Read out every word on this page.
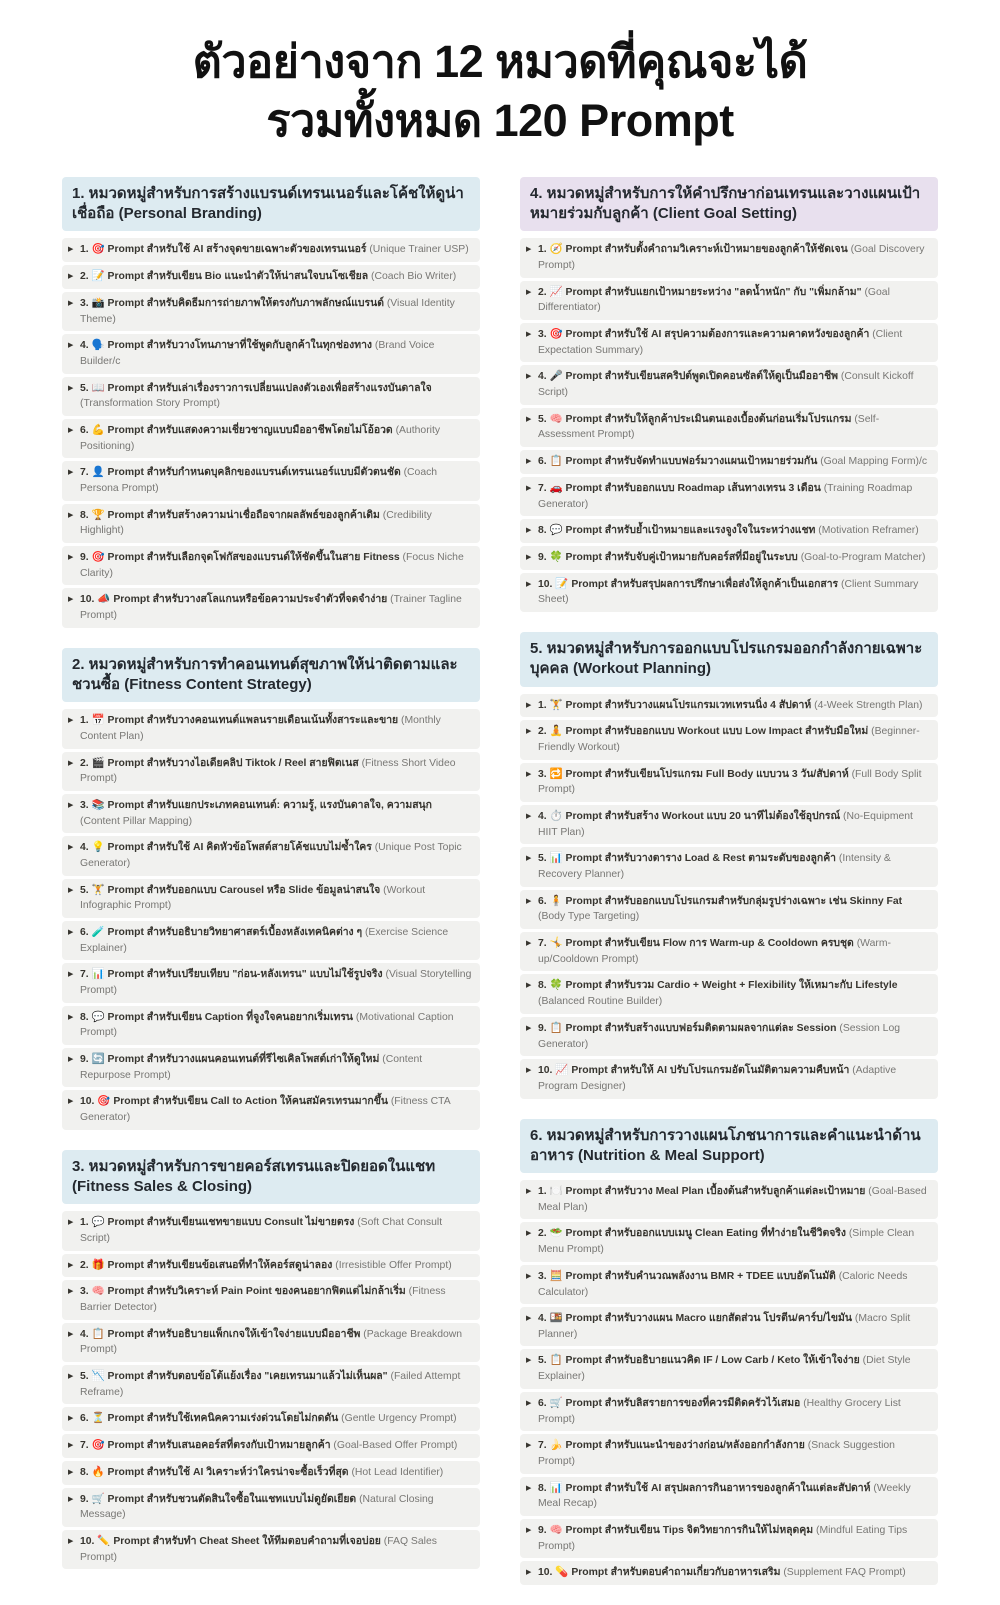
ตัวอย่างจาก 12 หมวดที่คุณจะได้
รวมทั้งหมด 120 Prompt
1. หมวดหมู่สำหรับการสร้างแบรนด์เทรนเนอร์และโค้ชให้ดูน่าเชื่อถือ (Personal Branding)
▶ 1. 🎯 Prompt สำหรับใช้ AI สร้างจุดขายเฉพาะตัวของเทรนเนอร์ (Unique Trainer USP)
▶ 2. 📝 Prompt สำหรับเขียน Bio แนะนำตัวให้น่าสนใจบนโซเชียล (Coach Bio Writer)
▶ 3. 📸 Prompt สำหรับคิดธีมการถ่ายภาพให้ตรงกับภาพลักษณ์แบรนด์ (Visual Identity Theme)
▶ 4. 🗣️ Prompt สำหรับวางโทนภาษาที่ใช้พูดกับลูกค้าในทุกช่องทาง (Brand Voice Builder/c
▶ 5. 📖 Prompt สำหรับเล่าเรื่องราวการเปลี่ยนแปลงตัวเองเพื่อสร้างแรงบันดาลใจ (Transformation Story Prompt)
▶ 6. 💪 Prompt สำหรับแสดงความเชี่ยวชาญแบบมืออาชีพโดยไม่โอ้อวด (Authority Positioning)
▶ 7. 👤 Prompt สำหรับกำหนดบุคลิกของแบรนด์เทรนเนอร์แบบมีตัวตนชัด (Coach Persona Prompt)
▶ 8. 🏆 Prompt สำหรับสร้างความน่าเชื่อถือจากผลลัพธ์ของลูกค้าเดิม (Credibility Highlight)
▶ 9. 🎯 Prompt สำหรับเลือกจุดโฟกัสของแบรนด์ให้ชัดขึ้นในสาย Fitness (Focus Niche Clarity)
▶ 10. 📣 Prompt สำหรับวางสโลแกนหรือข้อความประจำตัวที่จดจำง่าย (Trainer Tagline Prompt)
2. หมวดหมู่สำหรับการทำคอนเทนต์สุขภาพให้น่าติดตามและชวนซื้อ (Fitness Content Strategy)
▶ 1. 📅 Prompt สำหรับวางคอนเทนต์แพลนรายเดือนเน้นทั้งสาระและขาย (Monthly Content Plan)
▶ 2. 🎬 Prompt สำหรับวางไอเดียคลิป Tiktok / Reel สายฟิตเนส (Fitness Short Video Prompt)
▶ 3. 📚 Prompt สำหรับแยกประเภทคอนเทนต์: ความรู้, แรงบันดาลใจ, ความสนุก (Content Pillar Mapping)
▶ 4. 💡 Prompt สำหรับใช้ AI คิดหัวข้อโพสต์สายโค้ชแบบไม่ซ้ำใคร (Unique Post Topic Generator)
▶ 5. 🏋️ Prompt สำหรับออกแบบ Carousel หรือ Slide ข้อมูลน่าสนใจ (Workout Infographic Prompt)
▶ 6. 🧪 Prompt สำหรับอธิบายวิทยาศาสตร์เบื้องหลังเทคนิคต่าง ๆ (Exercise Science Explainer)
▶ 7. 📊 Prompt สำหรับเปรียบเทียบ "ก่อน-หลังเทรน" แบบไม่ใช้รูปจริง (Visual Storytelling Prompt)
▶ 8. 💬 Prompt สำหรับเขียน Caption ที่จูงใจคนอยากเริ่มเทรน (Motivational Caption Prompt)
▶ 9. 🔄 Prompt สำหรับวางแผนคอนเทนต์ที่รีไซเคิลโพสต์เก่าให้ดูใหม่ (Content Repurpose Prompt)
▶ 10. 🎯 Prompt สำหรับเขียน Call to Action ให้คนสมัครเทรนมากขึ้น (Fitness CTA Generator)
3. หมวดหมู่สำหรับการขายคอร์สเทรนและปิดยอดในแชท (Fitness Sales & Closing)
▶ 1. 💬 Prompt สำหรับเขียนแชทขายแบบ Consult ไม่ขายตรง (Soft Chat Consult Script)
▶ 2. 🎁 Prompt สำหรับเขียนข้อเสนอที่ทำให้คอร์สดูน่าลอง (Irresistible Offer Prompt)
▶ 3. 🧠 Prompt สำหรับวิเคราะห์ Pain Point ของคนอยากฟิตแต่ไม่กล้าเริ่ม (Fitness Barrier Detector)
▶ 4. 📋 Prompt สำหรับอธิบายแพ็กเกจให้เข้าใจง่ายแบบมืออาชีพ (Package Breakdown Prompt)
▶ 5. 📉 Prompt สำหรับตอบข้อโต้แย้งเรื่อง "เคยเทรนมาแล้วไม่เห็นผล" (Failed Attempt Reframe)
▶ 6. ⏳ Prompt สำหรับใช้เทคนิคความเร่งด่วนโดยไม่กดดัน (Gentle Urgency Prompt)
▶ 7. 🎯 Prompt สำหรับเสนอคอร์สที่ตรงกับเป้าหมายลูกค้า (Goal-Based Offer Prompt)
▶ 8. 🔥 Prompt สำหรับใช้ AI วิเคราะห์ว่าใครน่าจะซื้อเร็วที่สุด (Hot Lead Identifier)
▶ 9. 🛒 Prompt สำหรับชวนตัดสินใจซื้อในแชทแบบไม่ดูยัดเยียด (Natural Closing Message)
▶ 10. ✏️ Prompt สำหรับทำ Cheat Sheet ให้ทีมตอบคำถามที่เจอบ่อย (FAQ Sales Prompt)
4. หมวดหมู่สำหรับการให้คำปรึกษาก่อนเทรนและวางแผนเป้าหมายร่วมกับลูกค้า (Client Goal Setting)
▶ 1. 🧭 Prompt สำหรับตั้งคำถามวิเคราะห์เป้าหมายของลูกค้าให้ชัดเจน (Goal Discovery Prompt)
▶ 2. 📈 Prompt สำหรับแยกเป้าหมายระหว่าง "ลดน้ำหนัก" กับ "เพิ่มกล้าม" (Goal Differentiator)
▶ 3. 🎯 Prompt สำหรับใช้ AI สรุปความต้องการและความคาดหวังของลูกค้า (Client Expectation Summary)
▶ 4. 🎤 Prompt สำหรับเขียนสคริปต์พูดเปิดคอนซัลต์ให้ดูเป็นมืออาชีพ (Consult Kickoff Script)
▶ 5. 🧠 Prompt สำหรับให้ลูกค้าประเมินตนเองเบื้องต้นก่อนเริ่มโปรแกรม (Self-Assessment Prompt)
▶ 6. 📋 Prompt สำหรับจัดทำแบบฟอร์มวางแผนเป้าหมายร่วมกัน (Goal Mapping Form)/c
▶ 7. 🚗 Prompt สำหรับออกแบบ Roadmap เส้นทางเทรน 3 เดือน (Training Roadmap Generator)
▶ 8. 💬 Prompt สำหรับย้ำเป้าหมายและแรงจูงใจในระหว่างแชท (Motivation Reframer)
▶ 9. 🍀 Prompt สำหรับจับคู่เป้าหมายกับคอร์สที่มีอยู่ในระบบ (Goal-to-Program Matcher)
▶ 10. 📝 Prompt สำหรับสรุปผลการปรึกษาเพื่อส่งให้ลูกค้าเป็นเอกสาร (Client Summary Sheet)
5. หมวดหมู่สำหรับการออกแบบโปรแกรมออกกำลังกายเฉพาะบุคคล (Workout Planning)
▶ 1. 🏋️ Prompt สำหรับวางแผนโปรแกรมเวทเทรนนิ่ง 4 สัปดาห์ (4-Week Strength Plan)
▶ 2. 🧘 Prompt สำหรับออกแบบ Workout แบบ Low Impact สำหรับมือใหม่ (Beginner-Friendly Workout)
▶ 3. 🔁 Prompt สำหรับเขียนโปรแกรม Full Body แบบวน 3 วัน/สัปดาห์ (Full Body Split Prompt)
▶ 4. ⏱️ Prompt สำหรับสร้าง Workout แบบ 20 นาทีไม่ต้องใช้อุปกรณ์ (No-Equipment HIIT Plan)
▶ 5. 📊 Prompt สำหรับวางตาราง Load & Rest ตามระดับของลูกค้า (Intensity & Recovery Planner)
▶ 6. 🧍 Prompt สำหรับออกแบบโปรแกรมสำหรับกลุ่มรูปร่างเฉพาะ เช่น Skinny Fat (Body Type Targeting)
▶ 7. 🤸 Prompt สำหรับเขียน Flow การ Warm-up & Cooldown ครบชุด (Warm-up/Cooldown Prompt)
▶ 8. 🍀 Prompt สำหรับรวม Cardio + Weight + Flexibility ให้เหมาะกับ Lifestyle (Balanced Routine Builder)
▶ 9. 📋 Prompt สำหรับสร้างแบบฟอร์มติดตามผลจากแต่ละ Session (Session Log Generator)
▶ 10. 📈 Prompt สำหรับให้ AI ปรับโปรแกรมอัตโนมัติตามความคืบหน้า (Adaptive Program Designer)
6. หมวดหมู่สำหรับการวางแผนโภชนาการและคำแนะนำด้านอาหาร (Nutrition & Meal Support)
▶ 1. 🍽️ Prompt สำหรับวาง Meal Plan เบื้องต้นสำหรับลูกค้าแต่ละเป้าหมาย (Goal-Based Meal Plan)
▶ 2. 🥗 Prompt สำหรับออกแบบเมนู Clean Eating ที่ทำง่ายในชีวิตจริง (Simple Clean Menu Prompt)
▶ 3. 🧮 Prompt สำหรับคำนวณพลังงาน BMR + TDEE แบบอัตโนมัติ (Caloric Needs Calculator)
▶ 4. 🍱 Prompt สำหรับวางแผน Macro แยกสัดส่วน โปรตีน/คาร์บ/ไขมัน (Macro Split Planner)
▶ 5. 📋 Prompt สำหรับอธิบายแนวคิด IF / Low Carb / Keto ให้เข้าใจง่าย (Diet Style Explainer)
▶ 6. 🛒 Prompt สำหรับลิสรายการของที่ควรมีติดครัวไว้เสมอ (Healthy Grocery List Prompt)
▶ 7. 🍌 Prompt สำหรับแนะนำของว่างก่อน/หลังออกกำลังกาย (Snack Suggestion Prompt)
▶ 8. 📊 Prompt สำหรับใช้ AI สรุปผลการกินอาหารของลูกค้าในแต่ละสัปดาห์ (Weekly Meal Recap)
▶ 9. 🧠 Prompt สำหรับเขียน Tips จิตวิทยาการกินให้ไม่หลุดคุม (Mindful Eating Tips Prompt)
▶ 10. 💊 Prompt สำหรับตอบคำถามเกี่ยวกับอาหารเสริม (Supplement FAQ Prompt)
